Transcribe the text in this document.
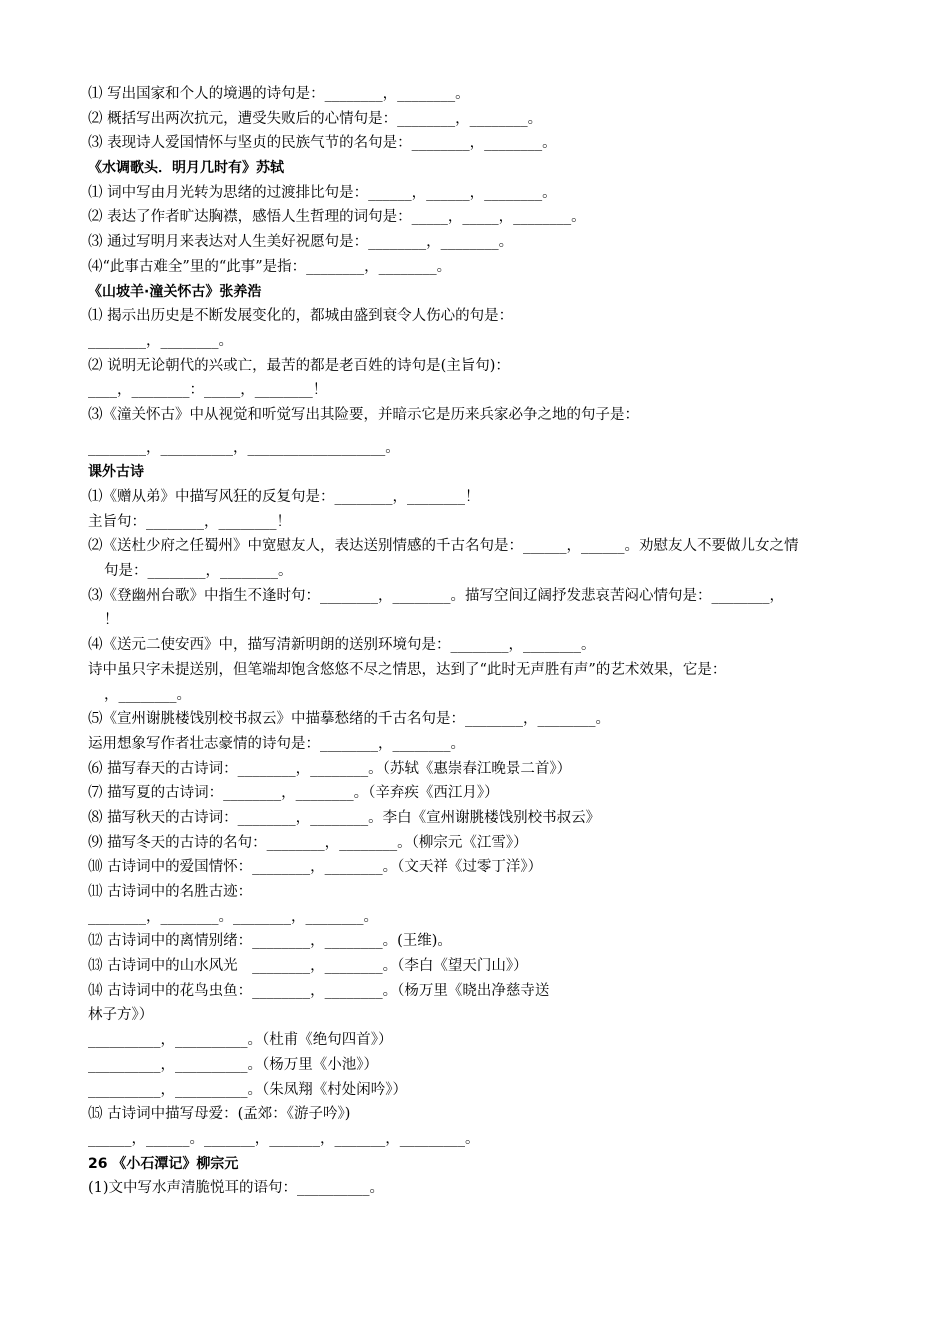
⑴ 写出国家和个人的境遇的诗句是：________，________。
⑵ 概括写出两次抗元，遭受失败后的心情句是：________，________。
⑶ 表现诗人爱国情怀与坚贞的民族气节的名句是：________，________。
《水调歌头．明月几时有》苏轼
⑴ 词中写由月光转为思绪的过渡排比句是：______，______，________。
⑵ 表达了作者旷达胸襟，感悟人生哲理的词句是：_____，_____，________。
⑶ 通过写明月来表达对人生美好祝愿句是：________，________。
⑷“此事古难全”里的“此事”是指：________，________。
《山坡羊·潼关怀古》张养浩
⑴ 揭示出历史是不断发展变化的，都城由盛到衰令人伤心的句是：
________，________。
⑵ 说明无论朝代的兴或亡，最苦的都是老百姓的诗句是(主旨句)：
____，________：_____，________！
⑶《潼关怀古》中从视觉和听觉写出其险要，并暗示它是历来兵家必争之地的句子是：
________，__________，___________________。
课外古诗
⑴《赠从弟》中描写风狂的反复句是：________，________！
主旨句：________，________！
⑵《送杜少府之任蜀州》中宽慰友人，表达送别情感的千古名句是：______，______。劝慰友人不要做儿女之情
句是：________，________。
⑶《登幽州台歌》中指生不逢时句：________，________。描写空间辽阔抒发悲哀苦闷心情句是：________，
！
⑷《送元二使安西》中，描写清新明朗的送别环境句是：________，________。
诗中虽只字未提送别，但笔端却饱含悠悠不尽之情思，达到了“此时无声胜有声”的艺术效果，它是：
，________。
⑸《宣州谢朓楼饯别校书叔云》中描摹愁绪的千古名句是：________，________。
运用想象写作者壮志豪情的诗句是：________，________。
⑹ 描写春天的古诗词：________，________。（苏轼《惠崇春江晚景二首》）
⑺ 描写夏的古诗词：________，________。（辛弃疾《西江月》）
⑻ 描写秋天的古诗词：________，________。李白《宣州谢朓楼饯别校书叔云》
⑼ 描写冬天的古诗的名句：________，________。（柳宗元《江雪》）
⑽ 古诗词中的爱国情怀：________，________。（文天祥《过零丁洋》）
⑾ 古诗词中的名胜古迹：
________，________。________，________。
⑿ 古诗词中的离情别绪：________，________。(王维)。
⒀ 古诗词中的山水风光　________，________。（李白《望天门山》）
⒁ 古诗词中的花鸟虫鱼：________，________。（杨万里《晓出净慈寺送
林子方》）
__________，__________。（杜甫《绝句四首》）
__________，__________。（杨万里《小池》）
__________，__________。（朱凤翔《村处闲吟》）
⒂ 古诗词中描写母爱：(孟郊：《游子吟》)
______，______。_______，_______，_______，_________。
26 《小石潭记》柳宗元
(1)文中写水声清脆悦耳的语句：__________。
